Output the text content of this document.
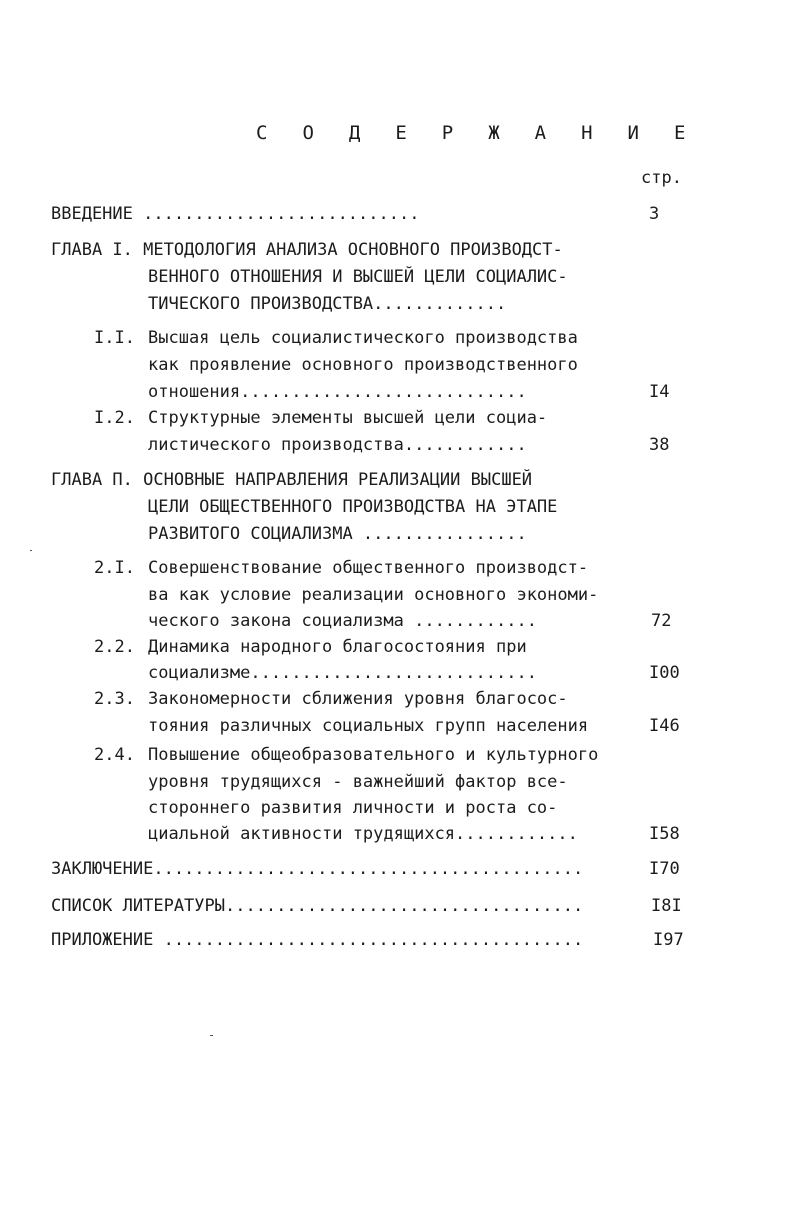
С О Д Е Р Ж А Н И Е
стр.
ВВЕДЕНИЕ ...........................	3
ГЛАВА I. МЕТОДОЛОГИЯ АНАЛИЗА ОСНОВНОГО ПРОИЗВОДСТ-
ВЕННОГО ОТНОШЕНИЯ И ВЫСШЕЙ ЦЕЛИ СОЦИАЛИС-
ТИЧЕСКОГО ПРОИЗВОДСТВА.............
I.I. Высшая цель социалистического производства
как проявление основного производственного
отношения............................	I4
I.2. Структурные элементы высшей цели социа-
листического производства............	38
ГЛАВА П. ОСНОВНЫЕ НАПРАВЛЕНИЯ РЕАЛИЗАЦИИ ВЫСШЕЙ
ЦЕЛИ ОБЩЕСТВЕННОГО ПРОИЗВОДСТВА НА ЭТАПЕ
РАЗВИТОГО СОЦИАЛИЗМА ................
2.I. Совершенствование общественного производст-
ва как условие реализации основного экономи-
ческого закона социализма ............	72
2.2. Динамика народного благосостояния при
социализме............................	I00
2.3. Закономерности сближения уровня благосос-
тояния различных социальных групп населения	I46
2.4. Повышение общеобразовательного и культурного
уровня трудящихся - важнейший фактор все-
стороннего развития личности и роста со-
циальной активности трудящихся............	I58
ЗАКЛЮЧЕНИЕ..........................................	I70
СПИСОК ЛИТЕРАТУРЫ...................................	I8I
ПРИЛОЖЕНИЕ .........................................	I97
